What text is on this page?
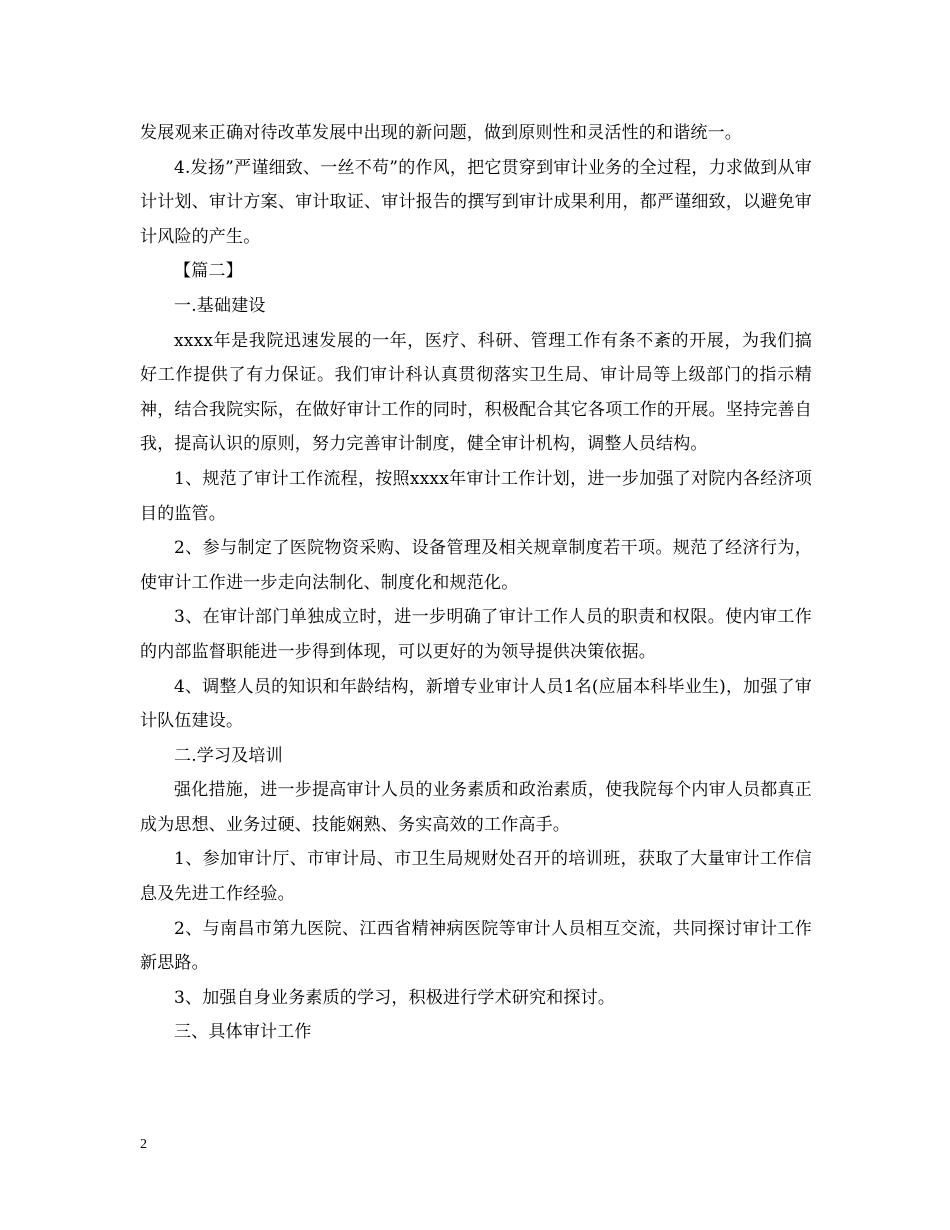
发展观来正确对待改革发展中出现的新问题，做到原则性和灵活性的和谐统一。

4.发扬”严谨细致、一丝不苟”的作风，把它贯穿到审计业务的全过程，力求做到从审计计划、审计方案、审计取证、审计报告的撰写到审计成果利用，都严谨细致，以避免审计风险的产生。

【篇二】

一.基础建设

xxxx年是我院迅速发展的一年，医疗、科研、管理工作有条不紊的开展，为我们搞好工作提供了有力保证。我们审计科认真贯彻落实卫生局、审计局等上级部门的指示精神，结合我院实际，在做好审计工作的同时，积极配合其它各项工作的开展。坚持完善自我，提高认识的原则，努力完善审计制度，健全审计机构，调整人员结构。

1、规范了审计工作流程，按照xxxx年审计工作计划，进一步加强了对院内各经济项目的监管。

2、参与制定了医院物资采购、设备管理及相关规章制度若干项。规范了经济行为，使审计工作进一步走向法制化、制度化和规范化。

3、在审计部门单独成立时，进一步明确了审计工作人员的职责和权限。使内审工作的内部监督职能进一步得到体现，可以更好的为领导提供决策依据。

4、调整人员的知识和年龄结构，新增专业审计人员1名(应届本科毕业生)，加强了审计队伍建设。

二.学习及培训

强化措施，进一步提高审计人员的业务素质和政治素质，使我院每个内审人员都真正成为思想、业务过硬、技能娴熟、务实高效的工作高手。

1、参加审计厅、市审计局、市卫生局规财处召开的培训班，获取了大量审计工作信息及先进工作经验。

2、与南昌市第九医院、江西省精神病医院等审计人员相互交流，共同探讨审计工作新思路。

3、加强自身业务素质的学习，积极进行学术研究和探讨。

三、具体审计工作

2
